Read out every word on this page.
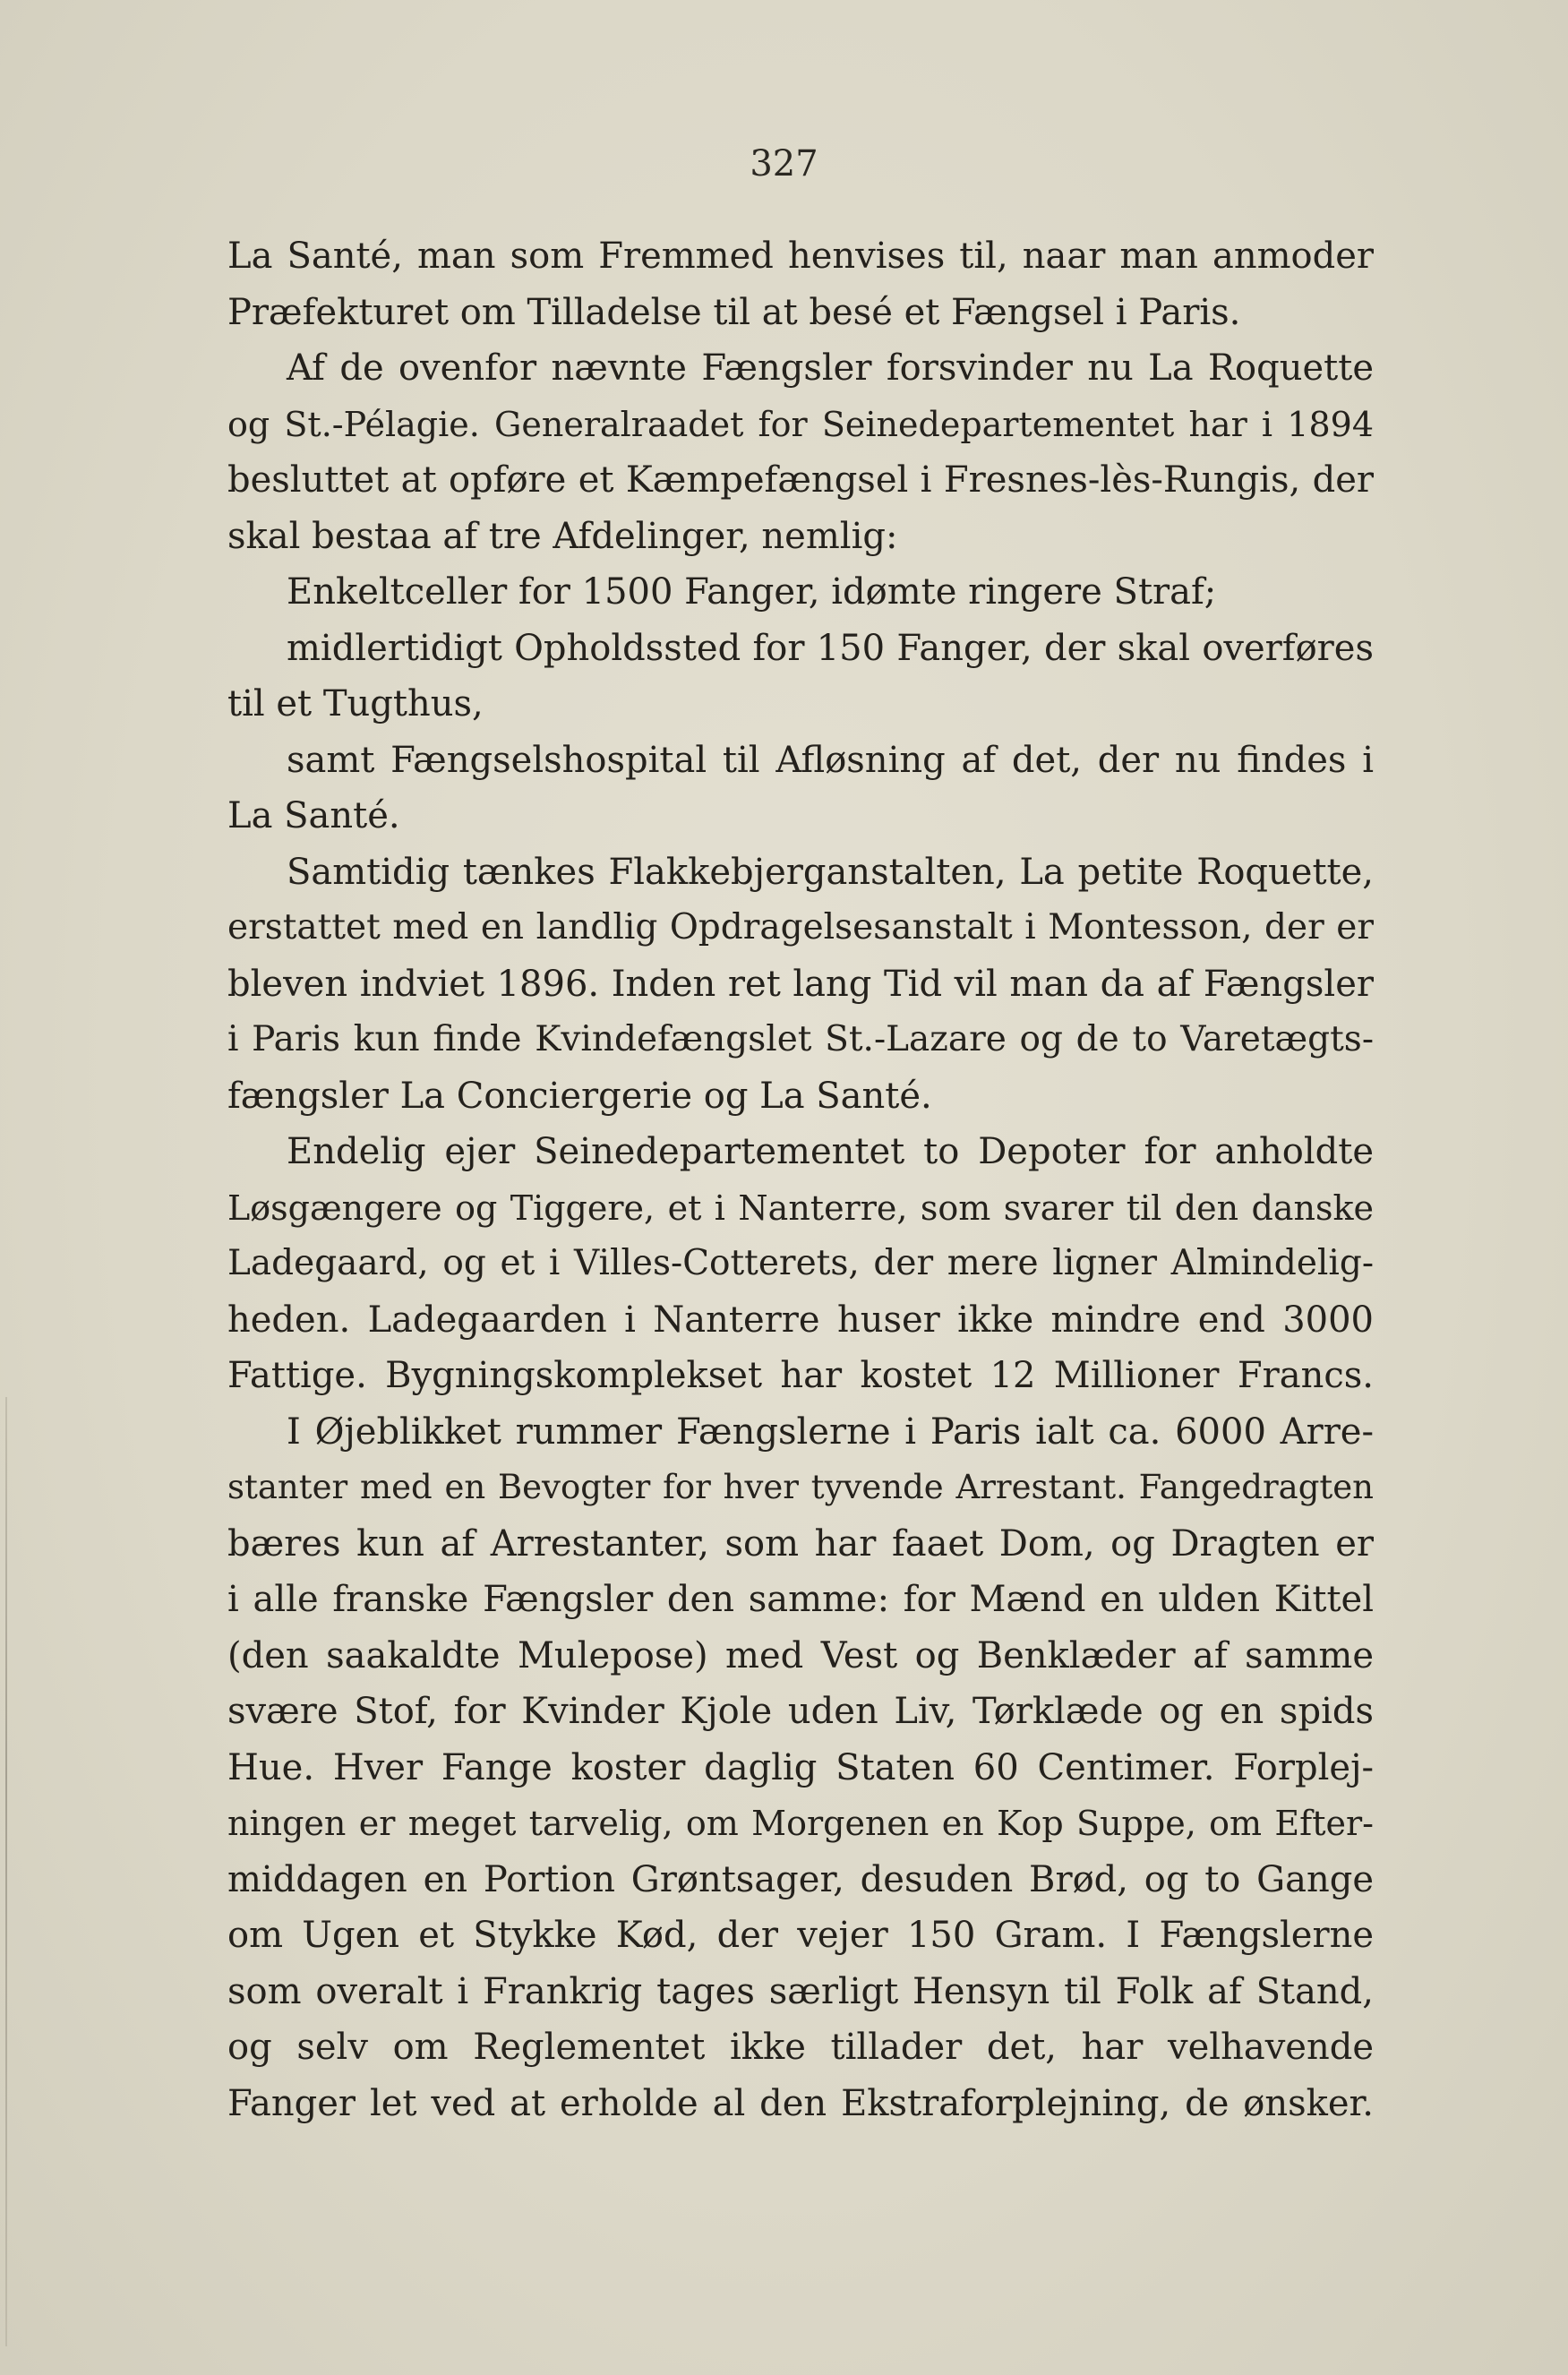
327
La Santé, man som Fremmed henvises til, naar man anmoder
Præfekturet om Tilladelse til at besé et Fængsel i Paris.
Af de ovenfor nævnte Fængsler forsvinder nu La Roquette
og St.-Pélagie. Generalraadet for Seinedepartementet har i 1894
besluttet at opføre et Kæmpefængsel i Fresnes-lès-Rungis, der
skal bestaa af tre Afdelinger, nemlig:
Enkeltceller for 1500 Fanger, idømte ringere Straf;
midlertidigt Opholdssted for 150 Fanger, der skal overføres
til et Tugthus,
samt Fængselshospital til Afløsning af det, der nu findes i
La Santé.
Samtidig tænkes Flakkebjerganstalten, La petite Roquette,
erstattet med en landlig Opdragelsesanstalt i Montesson, der er
bleven indviet 1896. Inden ret lang Tid vil man da af Fængsler
i Paris kun finde Kvindefængslet St.-Lazare og de to Varetægts-
fængsler La Conciergerie og La Santé.
Endelig ejer Seinedepartementet to Depoter for anholdte
Løsgængere og Tiggere, et i Nanterre, som svarer til den danske
Ladegaard, og et i Villes-Cotterets, der mere ligner Almindelig-
heden. Ladegaarden i Nanterre huser ikke mindre end 3000
Fattige. Bygningskomplekset har kostet 12 Millioner Francs.
I Øjeblikket rummer Fængslerne i Paris ialt ca. 6000 Arre-
stanter med en Bevogter for hver tyvende Arrestant. Fangedragten
bæres kun af Arrestanter, som har faaet Dom, og Dragten er
i alle franske Fængsler den samme: for Mænd en ulden Kittel
(den saakaldte Mulepose) med Vest og Benklæder af samme
svære Stof, for Kvinder Kjole uden Liv, Tørklæde og en spids
Hue. Hver Fange koster daglig Staten 60 Centimer. Forplej-
ningen er meget tarvelig, om Morgenen en Kop Suppe, om Efter-
middagen en Portion Grøntsager, desuden Brød, og to Gange
om Ugen et Stykke Kød, der vejer 150 Gram. I Fængslerne
som overalt i Frankrig tages særligt Hensyn til Folk af Stand,
og selv om Reglementet ikke tillader det, har velhavende
Fanger let ved at erholde al den Ekstraforplejning, de ønsker.
